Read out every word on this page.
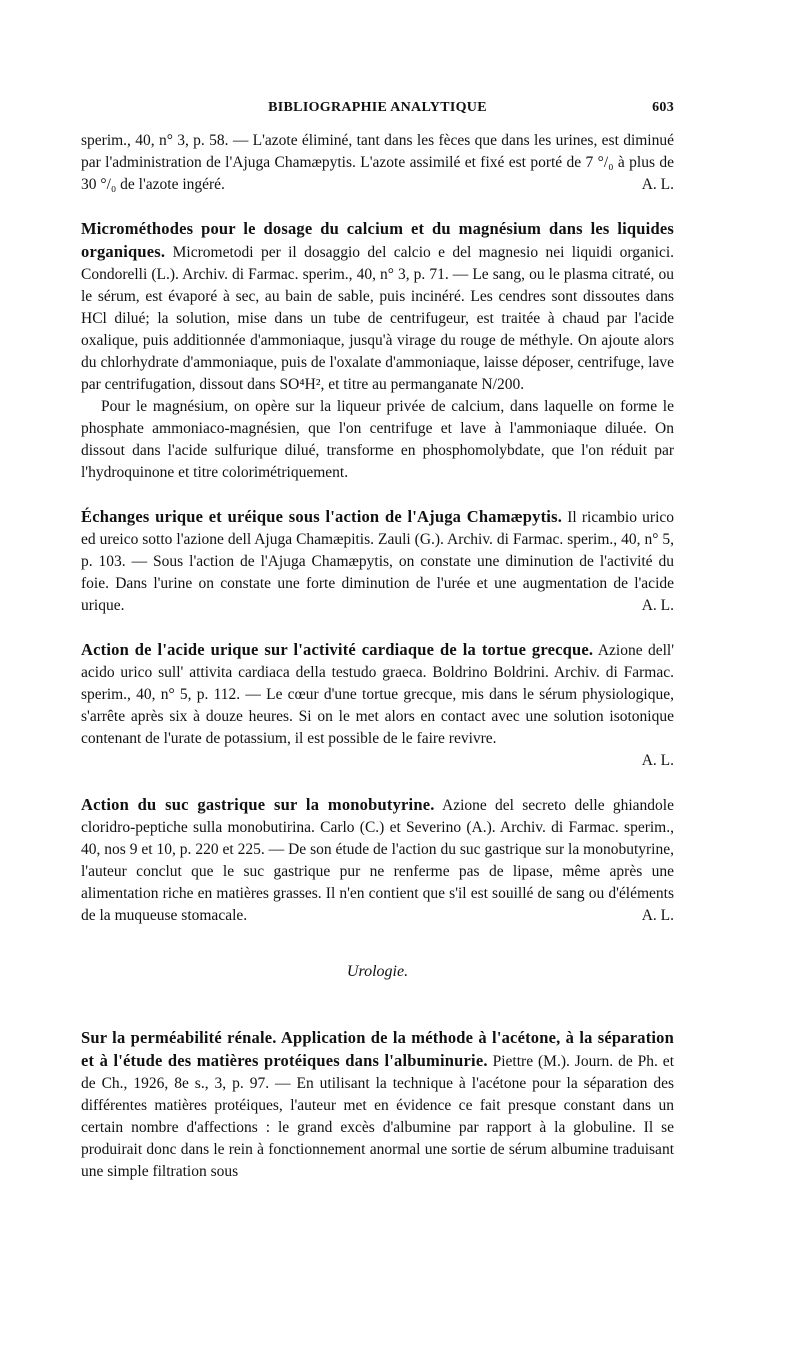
BIBLIOGRAPHIE ANALYTIQUE	603

sperim., 40, n° 3, p. 58. — L'azote éliminé, tant dans les fèces que dans les urines, est diminué par l'administration de l'Ajuga Chamæpytis. L'azote assimilé et fixé est porté de 7 °/₀ à plus de 30 °/₀ de l'azote ingéré.	A. L.

Microméthodes pour le dosage du calcium et du magnésium dans les liquides organiques. Micrometodi per il dosaggio del calcio e del magnesio nei liquidi organici. Condorelli (L.). Archiv. di Farmac. sperim., 40, n° 3, p. 71. — Le sang, ou le plasma citraté, ou le sérum, est évaporé à sec, au bain de sable, puis incinéré. Les cendres sont dissoutes dans HCl dilué; la solution, mise dans un tube de centrifugeur, est traitée à chaud par l'acide oxalique, puis additionnée d'ammoniaque, jusqu'à virage du rouge de méthyle. On ajoute alors du chlorhydrate d'ammoniaque, puis de l'oxalate d'ammoniaque, laisse déposer, centrifuge, lave par centrifugation, dissout dans SO⁴H², et titre au permanganate N/200.

Pour le magnésium, on opère sur la liqueur privée de calcium, dans laquelle on forme le phosphate ammoniaco-magnésien, que l'on centrifuge et lave à l'ammoniaque diluée. On dissout dans l'acide sulfurique dilué, transforme en phosphomolybdate, que l'on réduit par l'hydroquinone et titre colorimétriquement.

Échanges urique et uréique sous l'action de l'Ajuga Chamæpytis. Il ricambio urico ed ureico sotto l'azione dell Ajuga Chamæpitis. Zauli (G.). Archiv. di Farmac. sperim., 40, n° 5, p. 103. — Sous l'action de l'Ajuga Chamæpytis, on constate une diminution de l'activité du foie. Dans l'urine on constate une forte diminution de l'urée et une augmentation de l'acide urique.	A. L.

Action de l'acide urique sur l'activité cardiaque de la tortue grecque. Azione dell' acido urico sull' attivita cardiaca della testudo graeca. Boldrino Boldrini. Archiv. di Farmac. sperim., 40, n° 5, p. 112. — Le cœur d'une tortue grecque, mis dans le sérum physiologique, s'arrête après six à douze heures. Si on le met alors en contact avec une solution isotonique contenant de l'urate de potassium, il est possible de le faire revivre.

A. L.

Action du suc gastrique sur la monobutyrine. Azione del secreto delle ghiandole cloridro-peptiche sulla monobutirina. Carlo (C.) et Severino (A.). Archiv. di Farmac. sperim., 40, nos 9 et 10, p. 220 et 225. — De son étude de l'action du suc gastrique sur la monobutyrine, l'auteur conclut que le suc gastrique pur ne renferme pas de lipase, même après une alimentation riche en matières grasses. Il n'en contient que s'il est souillé de sang ou d'éléments de la muqueuse stomacale.	A. L.

Urologie.

Sur la perméabilité rénale. Application de la méthode à l'acétone, à la séparation et à l'étude des matières protéiques dans l'albuminurie. Piettre (M.). Journ. de Ph. et de Ch., 1926, 8e s., 3, p. 97. — En utilisant la technique à l'acétone pour la séparation des différentes matières protéiques, l'auteur met en évidence ce fait presque constant dans un certain nombre d'affections : le grand excès d'albumine par rapport à la globuline. Il se produirait donc dans le rein à fonctionnement anormal une sortie de sérum albumine traduisant une simple filtration sous
